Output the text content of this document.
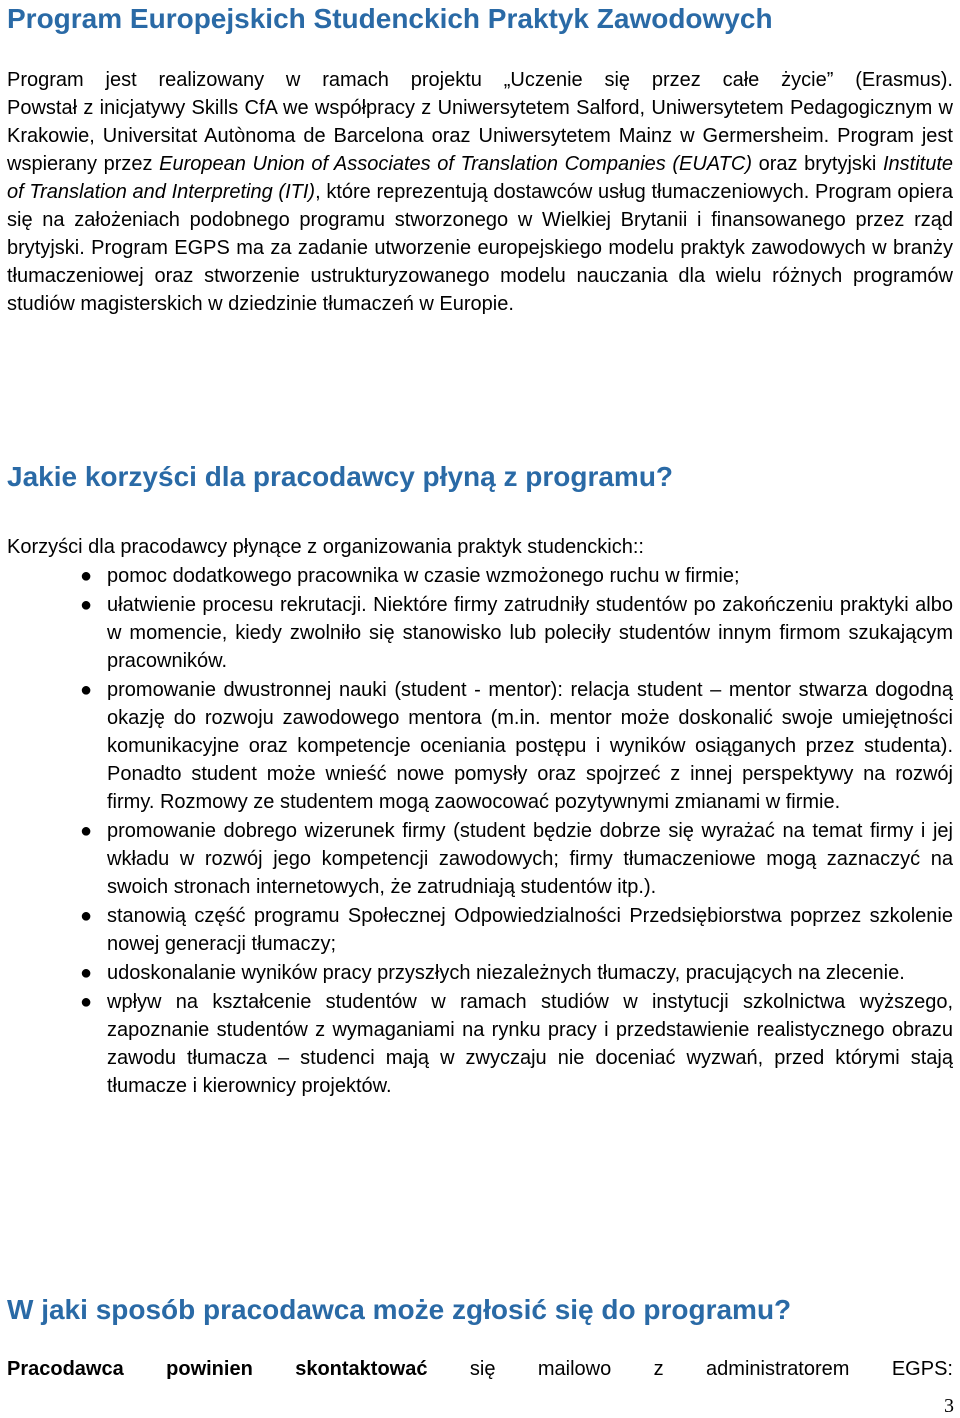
Program Europejskich Studenckich Praktyk Zawodowych

Program jest realizowany w ramach projektu „Uczenie się przez całe życie” (Erasmus).

Powstał z inicjatywy Skills CfA we współpracy z Uniwersytetem Salford, Uniwersytetem Pedagogicznym w Krakowie, Universitat Autònoma de Barcelona oraz Uniwersytetem Mainz w Germersheim. Program jest wspierany przez European Union of Associates of Translation Companies (EUATC) oraz brytyjski Institute of Translation and Interpreting (ITI), które reprezentują dostawców usług tłumaczeniowych. Program opiera się na założeniach podobnego programu stworzonego w Wielkiej Brytanii i finansowanego przez rząd brytyjski. Program EGPS ma za zadanie utworzenie europejskiego modelu praktyk zawodowych w branży tłumaczeniowej oraz stworzenie ustrukturyzowanego modelu nauczania dla wielu różnych programów studiów magisterskich w dziedzinie tłumaczeń w Europie.

Jakie korzyści dla pracodawcy płyną z programu?

Korzyści dla pracodawcy płynące z organizowania praktyk studenckich::

● pomoc dodatkowego pracownika w czasie wzmożonego ruchu w firmie;
● ułatwienie procesu rekrutacji. Niektóre firmy zatrudniły studentów po zakończeniu praktyki albo w momencie, kiedy zwolniło się stanowisko lub poleciły studentów innym firmom szukającym pracowników.
● promowanie dwustronnej nauki (student - mentor): relacja student – mentor stwarza dogodną okazję do rozwoju zawodowego mentora (m.in. mentor może doskonalić swoje umiejętności komunikacyjne oraz kompetencje oceniania postępu i wyników osiąganych przez studenta). Ponadto student może wnieść nowe pomysły oraz spojrzeć z innej perspektywy na rozwój firmy. Rozmowy ze studentem mogą zaowocować pozytywnymi zmianami w firmie.
● promowanie dobrego wizerunek firmy (student będzie dobrze się wyrażać na temat firmy i jej wkładu w rozwój jego kompetencji zawodowych; firmy tłumaczeniowe mogą zaznaczyć na swoich stronach internetowych, że zatrudniają studentów itp.).
● stanowią część programu Społecznej Odpowiedzialności Przedsiębiorstwa poprzez szkolenie nowej generacji tłumaczy;
● udoskonalanie wyników pracy przyszłych niezależnych tłumaczy, pracujących na zlecenie.
● wpływ na kształcenie studentów w ramach studiów w instytucji szkolnictwa wyższego, zapoznanie studentów z wymaganiami na rynku pracy i przedstawienie realistycznego obrazu zawodu tłumacza – studenci mają w zwyczaju nie doceniać wyzwań, przed którymi stają tłumacze i kierownicy projektów.
W jaki sposób pracodawca może zgłosić się do programu?

Pracodawca powinien skontaktować się mailowo z administratorem EGPS:

3
